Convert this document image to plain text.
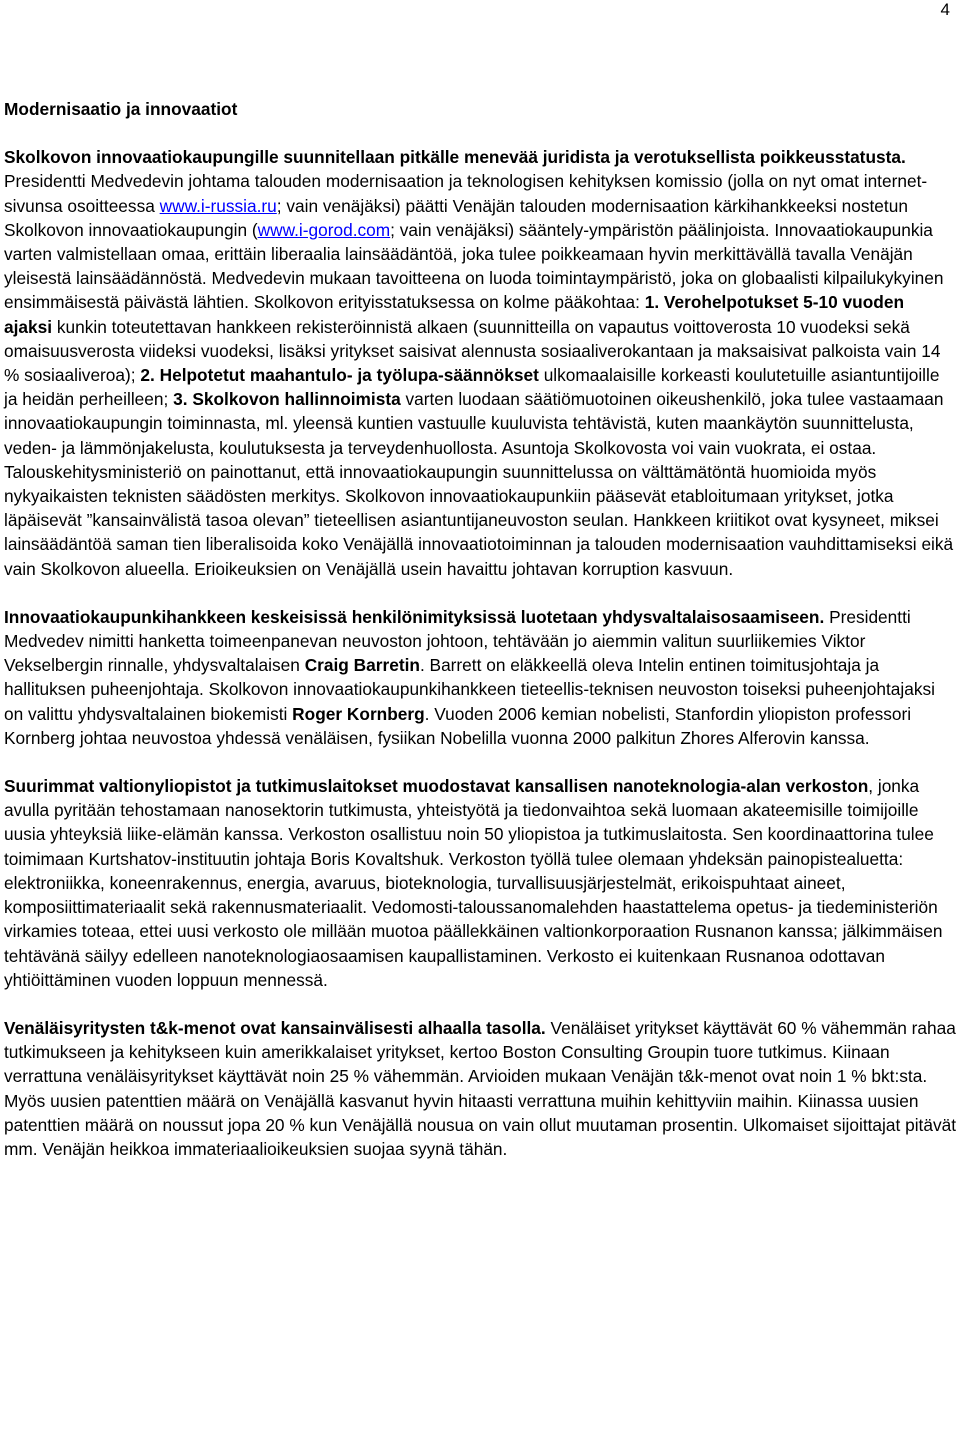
4
Modernisaatio ja innovaatiot
Skolkovon innovaatiokaupungille suunnitellaan pitkälle menevää juridista ja verotuksellista poikkeusstatusta. Presidentti Medvedevin johtama talouden modernisaation ja teknologisen kehityksen komissio (jolla on nyt omat internet-sivunsa osoitteessa www.i-russia.ru; vain venäjäksi) päätti Venäjän talouden modernisaation kärkihankkeeksi nostetun Skolkovon innovaatiokaupungin (www.i-gorod.com; vain venäjäksi) sääntely-ympäristön päälinjoista. Innovaatiokaupunkia varten valmistellaan omaa, erittäin liberaalia lainsäädäntöä, joka tulee poikkeamaan hyvin merkittävällä tavalla Venäjän yleisestä lainsäädännöstä. Medvedevin mukaan tavoitteena on luoda toimintaympäristö, joka on globaalisti kilpailukykyinen ensimmäisestä päivästä lähtien. Skolkovon erityisstatuksessa on kolme pääkohtaa: 1. Verohelpotukset 5-10 vuoden ajaksi kunkin toteutettavan hankkeen rekisteröinnistä alkaen (suunnitteilla on vapautus voittoverosta 10 vuodeksi sekä omaisuusverosta viideksi vuodeksi, lisäksi yritykset saisivat alennusta sosiaaliverokantaan ja maksaisivat palkoista vain 14 % sosiaaliveroa); 2. Helpotetut maahantulo- ja työlupa-säännökset ulkomaalaisille korkeasti koulutetuille asiantuntijoille ja heidän perheilleen; 3. Skolkovon hallinnoimista varten luodaan säätiömuotoinen oikeushenkilö, joka tulee vastaamaan innovaatiokaupungin toiminnasta, ml. yleensä kuntien vastuulle kuuluvista tehtävistä, kuten maankäytön suunnittelusta, veden- ja lämmönjakelusta, koulutuksesta ja terveydenhuollosta. Asuntoja Skolkovosta voi vain vuokrata, ei ostaa. Talouskehitysministeriö on painottanut, että innovaatiokaupungin suunnittelussa on välttämätöntä huomioida myös nykyaikaisten teknisten säädösten merkitys. Skolkovon innovaatiokaupunkiin pääsevät etabloitumaan yritykset, jotka läpäisevät ”kansainvälistä tasoa olevan” tieteellisen asiantuntijaneuvoston seulan. Hankkeen kriitikot ovat kysyneet, miksei lainsäädäntöä saman tien liberalisoida koko Venäjällä innovaatiotoiminnan ja talouden modernisaation vauhdittamiseksi eikä vain Skolkovon alueella. Erioikeuksien on Venäjällä usein havaittu johtavan korruption kasvuun.
Innovaatiokaupunkihankkeen keskeisissä henkilönimityksissä luotetaan yhdysvaltalaisosaamiseen. Presidentti Medvedev nimitti hanketta toimeenpanevan neuvoston johtoon, tehtävään jo aiemmin valitun suurliikemies Viktor Vekselbergin rinnalle, yhdysvaltalaisen Craig Barretin. Barrett on eläkkeellä oleva Intelin entinen toimitusjohtaja ja hallituksen puheenjohtaja. Skolkovon innovaatiokaupunkihankkeen tieteellis-teknisen neuvoston toiseksi puheenjohtajaksi on valittu yhdysvaltalainen biokemisti Roger Kornberg. Vuoden 2006 kemian nobelisti, Stanfordin yliopiston professori Kornberg johtaa neuvostoa yhdessä venäläisen, fysiikan Nobelilla vuonna 2000 palkitun Zhores Alferovin kanssa.
Suurimmat valtionyliopistot ja tutkimuslaitokset muodostavat kansallisen nanoteknologia-alan verkoston, jonka avulla pyritään tehostamaan nanosektorin tutkimusta, yhteistyötä ja tiedonvaihtoa sekä luomaan akateemisille toimijoille uusia yhteyksiä liike-elämän kanssa. Verkoston osallistuu noin 50 yliopistoa ja tutkimuslaitosta. Sen koordinaattorina tulee toimimaan Kurtshatov-instituutin johtaja Boris Kovaltshuk. Verkoston työllä tulee olemaan yhdeksän painopistealuetta: elektroniikka, koneenrakennus, energia, avaruus, bioteknologia, turvallisuusjärjestelmät, erikoispuhtaat aineet, komposiittimateriaalit sekä rakennusmateriaalit. Vedomosti-taloussanomalehden haastattelema opetus- ja tiedeministeriön virkamies toteaa, ettei uusi verkosto ole millään muotoa päällekkäinen valtionkorporaation Rusnanon kanssa; jälkimmäisen tehtävänä säilyy edelleen nanoteknologiaosaamisen kaupallistaminen. Verkosto ei kuitenkaan Rusnanoa odottavan yhtiöittäminen vuoden loppuun mennessä.
Venäläisyritysten t&k-menot ovat kansainvälisesti alhaalla tasolla. Venäläiset yritykset käyttävät 60 % vähemmän rahaa tutkimukseen ja kehitykseen kuin amerikkalaiset yritykset, kertoo Boston Consulting Groupin tuore tutkimus. Kiinaan verrattuna venäläisyritykset käyttävät noin 25 % vähemmän. Arvioiden mukaan Venäjän t&k-menot ovat noin 1 % bkt:sta. Myös uusien patenttien määrä on Venäjällä kasvanut hyvin hitaasti verrattuna muihin kehittyviin maihin. Kiinassa uusien patenttien määrä on noussut jopa 20 % kun Venäjällä nousua on vain ollut muutaman prosentin. Ulkomaiset sijoittajat pitävät mm. Venäjän heikkoa immateriaalioikeuksien suojaa syynä tähän.
